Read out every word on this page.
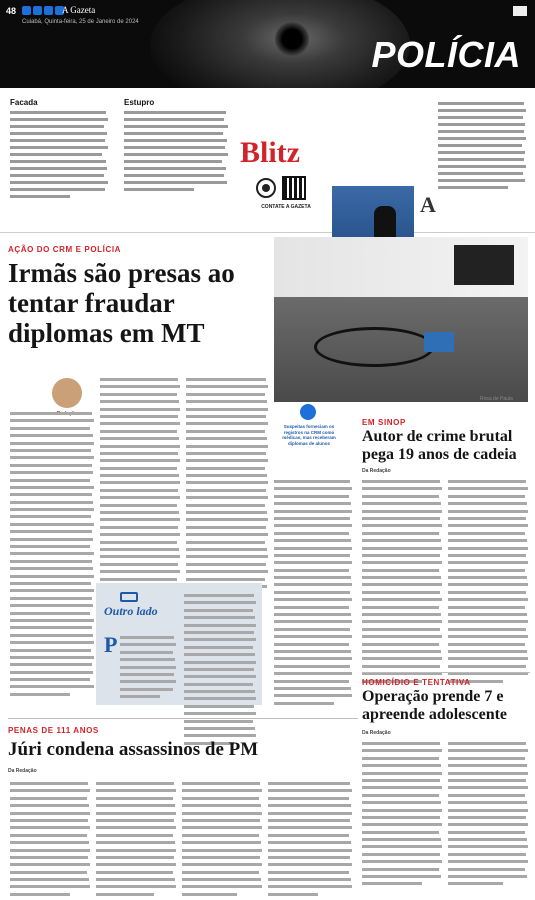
48	A Gazeta
Cuiabá, Quinta-feira, 25 de Janeiro de 2024
POLÍCIA
Facada	Estupro
Blitz
CONTATE A GAZETA	A
AÇÃO DO CRM E POLÍCIA
Irmãs são presas ao tentar fraudar diplomas em MT
Rosa de Paula
Outro lado
P
Suspeitas forneciam os registros na CRM como médicas, mas receberam diplomas de alunos
EM SINOP
Autor de crime brutal pega 19 anos de cadeia
Da Redação
HOMICÍDIO E TENTATIVA
Operação prende 7 e apreende adolescente
Da Redação
PENAS DE 111 ANOS
Júri condena assassinos de PM
Da Redação
